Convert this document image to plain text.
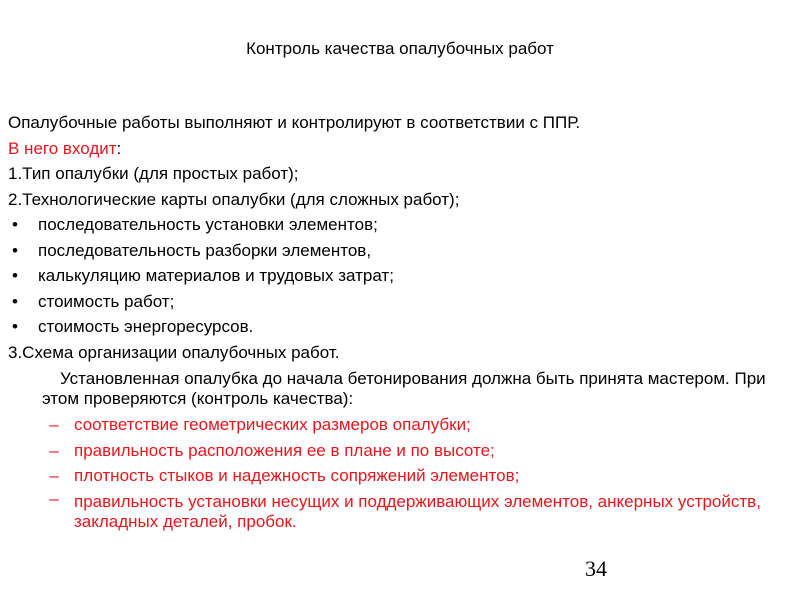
Контроль качества опалубочных работ
Опалубочные работы выполняют и контролируют в соответствии с ППР.
В него входит:
1.Тип опалубки (для простых работ);
2.Технологические карты опалубки (для сложных работ);
• последовательность установки элементов;
• последовательность разборки элементов,
• калькуляцию материалов и трудовых затрат;
• стоимость работ;
• стоимость энергоресурсов.
3.Схема организации опалубочных работ.
Установленная опалубка до начала бетонирования должна быть принята мастером. При этом проверяются (контроль качества):
– соответствие геометрических размеров опалубки;
– правильность расположения ее в плане и по высоте;
– плотность стыков и надежность сопряжений элементов;
– правильность установки несущих и поддерживающих элементов, анкерных устройств, закладных деталей, пробок.
34
